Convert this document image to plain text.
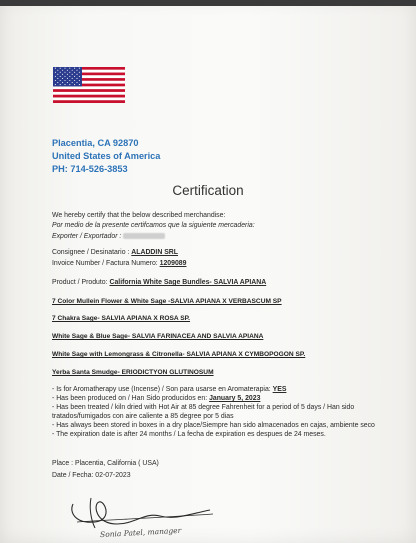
Placentia, CA 92870
United States of America
PH: 714-526-3853
Certification
We hereby certify that the below described merchandise:
Por medio de la presente certifcamos que la siguiente mercaderia:
Exporter / Exportador :
Consignee / Desinatario : ALADDIN SRL
Invoice Number / Factura Numero: 1209089
Product / Produto: California White Sage Bundles- SALVIA APIANA
7 Color Mullein Flower & White Sage -SALVIA APIANA X VERBASCUM SP
7 Chakra Sage- SALVIA APIANA X ROSA SP.
White Sage & Blue Sage- SALVIA FARINACEA AND SALVIA APIANA
White Sage with Lemongrass & Citronella- SALVIA APIANA X CYMBOPOGON SP.
Yerba Santa Smudge- ERIODICTYON GLUTINOSUM
- Is for Aromatherapy use (Incense) / Son para usarse en Aromaterapia: YES
- Has been produced on / Han Sido producidos en: January 5, 2023
- Has been treated / kiln dried with Hot Air at 85 degree Fahrenheit for a period of 5 days / Han sido
tratados/fumigados con aire caliente a 85 degree por 5 dias
- Has always been stored in boxes in a dry place/Siempre han sido almacenados en cajas, ambiente seco
- The expiration date is after 24 months / La fecha de expiration es despues de 24 meses.
Place : Placentia, California ( USA)
Date / Fecha: 02-07-2023
Sonia Patel, manager
